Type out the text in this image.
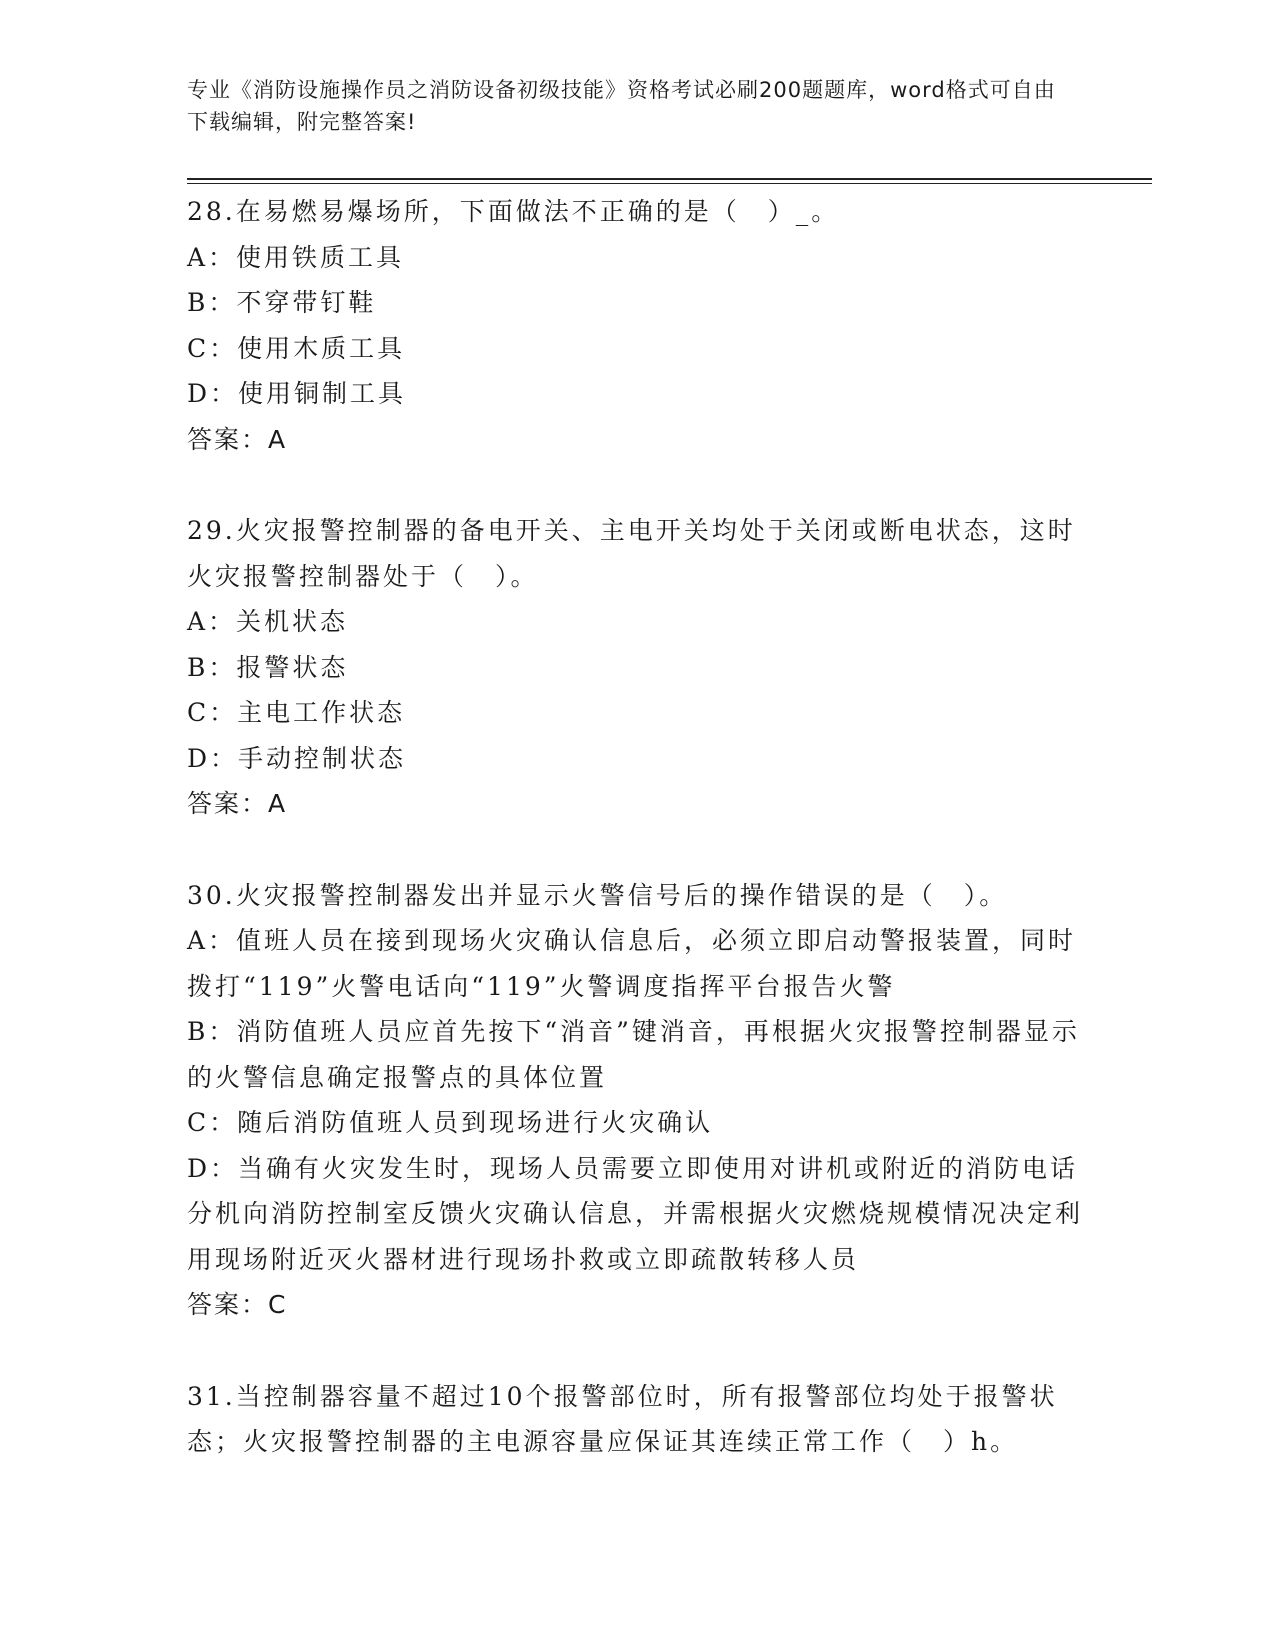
专业《消防设施操作员之消防设备初级技能》资格考试必刷200题题库，word格式可自由下载编辑，附完整答案!
28.在易燃易爆场所，下面做法不正确的是（　）_。
A：使用铁质工具
B：不穿带钉鞋
C：使用木质工具
D：使用铜制工具
答案：A
29.火灾报警控制器的备电开关、主电开关均处于关闭或断电状态，这时火灾报警控制器处于（　）。
A：关机状态
B：报警状态
C：主电工作状态
D：手动控制状态
答案：A
30.火灾报警控制器发出并显示火警信号后的操作错误的是（　）。
A：值班人员在接到现场火灾确认信息后，必须立即启动警报装置，同时拨打“119”火警电话向“119”火警调度指挥平台报告火警
B：消防值班人员应首先按下“消音”键消音，再根据火灾报警控制器显示的火警信息确定报警点的具体位置
C：随后消防值班人员到现场进行火灾确认
D：当确有火灾发生时，现场人员需要立即使用对讲机或附近的消防电话分机向消防控制室反馈火灾确认信息，并需根据火灾燃烧规模情况决定利用现场附近灭火器材进行现场扑救或立即疏散转移人员
答案：C
31.当控制器容量不超过10个报警部位时，所有报警部位均处于报警状态；火灾报警控制器的主电源容量应保证其连续正常工作（　）h。
